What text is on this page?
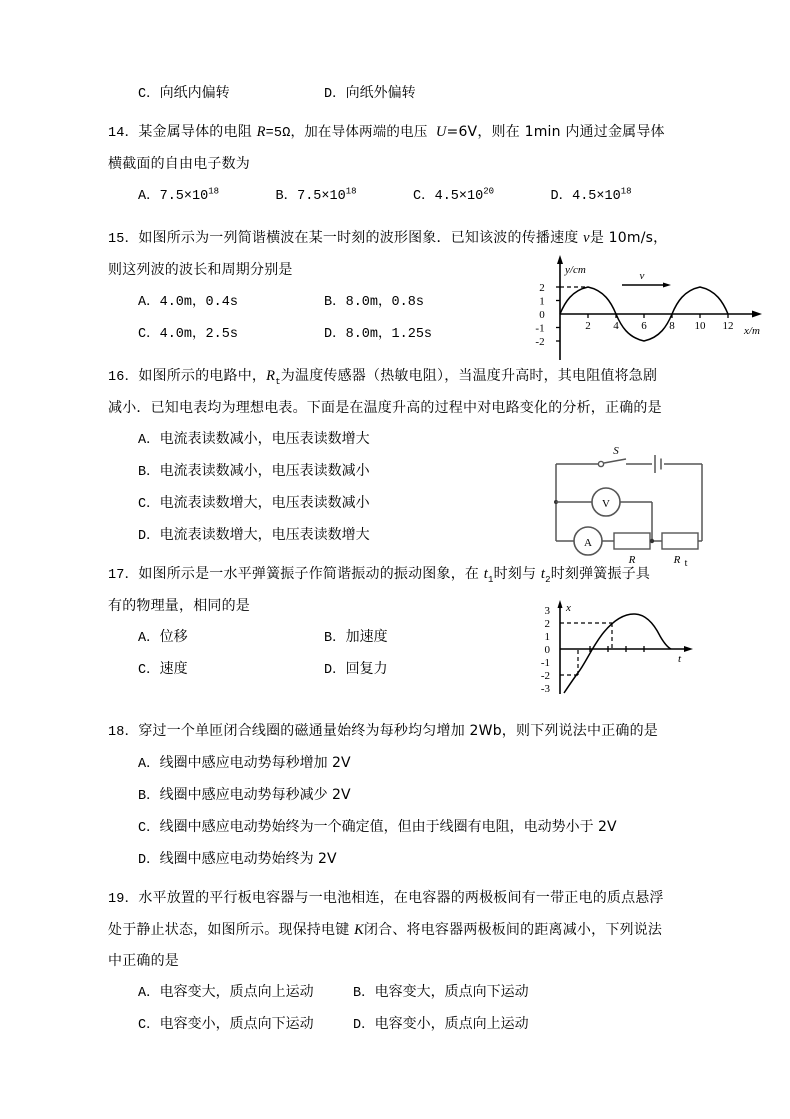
C．向纸内偏转	D．向纸外偏转
14．某金属导体的电阻 R=5Ω，加在导体两端的电压 U=6V，则在 1min 内通过金属导体
横截面的自由电子数为
A．$7.5\times 10^{18}$	B．$7.5\times 10^{18}$	C．$4.5\times 10^{20}$	D．$4.5\times 10^{18}$
15．如图所示为一列简谐横波在某一时刻的波形图象．已知该波的传播速度 v是 10m/s，
则这列波的波长和周期分别是
A．4.0m，0.4s	B．8.0m，0.8s
C．4.0m，2.5s	D．8.0m，1.25s
16．如图所示的电路中，$R_t$为温度传感器（热敏电阻），当温度升高时，其电阻值将急剧
减小．已知电表均为理想电表。下面是在温度升高的过程中对电路变化的分析，正确的是
A．电流表读数减小，电压表读数增大
B．电流表读数减小，电压表读数减小
C．电流表读数增大，电压表读数减小
D．电流表读数增大，电压表读数增大
17．如图所示是一水平弹簧振子作简谐振动的振动图象，在 $t_1$时刻与 $t_2$时刻弹簧振子具
有的物理量，相同的是
A．位移	B．加速度
C．速度	D．回复力
18．穿过一个单匝闭合线圈的磁通量始终为每秒均匀增加 2Wb，则下列说法中正确的是
A．线圈中感应电动势每秒增加 2V
B．线圈中感应电动势每秒减少 2V
C．线圈中感应电动势始终为一个确定值，但由于线圈有电阻，电动势小于 2V
D．线圈中感应电动势始终为 2V
19．水平放置的平行板电容器与一电池相连，在电容器的两极板间有一带正电的质点悬浮
处于静止状态，如图所示。现保持电键 K闭合、将电容器两极板间的距离减小，下列说法
中正确的是
A．电容变大，质点向上运动	B．电容变大，质点向下运动
C．电容变小，质点向下运动	D．电容变小，质点向上运动
2
1
0
-1
-2
2 4 6 8 10 12
y/cm
x/m
v
S
V
A
R	R t
x
t
3
2
1
0
-1
-2
-3
